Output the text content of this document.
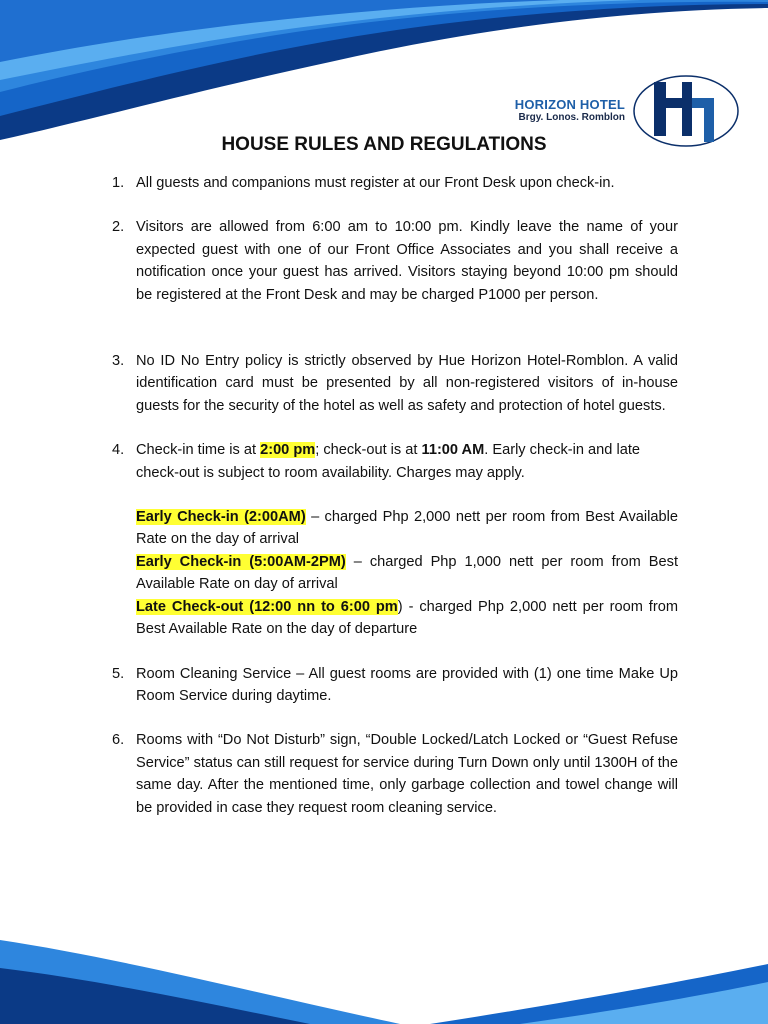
HORIZON HOTEL
Brgy. Lonos. Romblon
HOUSE RULES AND REGULATIONS
1. All guests and companions must register at our Front Desk upon check-in.

2. Visitors are allowed from 6:00 am to 10:00 pm. Kindly leave the name of your expected guest with one of our Front Office Associates and you shall receive a notification once your guest has arrived. Visitors staying beyond 10:00 pm should be registered at the Front Desk and may be charged P1000 per person.

3. No ID No Entry policy is strictly observed by Hue Horizon Hotel-Romblon. A valid identification card must be presented by all non-registered visitors of in-house guests for the security of the hotel as well as safety and protection of hotel guests.

4. Check-in time is at 2:00 pm; check-out is at 11:00 AM. Early check-in and late check-out is subject to room availability. Charges may apply.

Early Check-in (2:00AM) – charged Php 2,000 nett per room from Best Available Rate on the day of arrival

Early Check-in (5:00AM-2PM) – charged Php 1,000 nett per room from Best Available Rate on day of arrival

Late Check-out (12:00 nn to 6:00 pm) - charged Php 2,000 nett per room from Best Available Rate on the day of departure

5. Room Cleaning Service – All guest rooms are provided with (1) one time Make Up Room Service during daytime.

6. Rooms with “Do Not Disturb” sign, “Double Locked/Latch Locked or “Guest Refuse Service” status can still request for service during Turn Down only until 1300H of the same day. After the mentioned time, only garbage collection and towel change will be provided in case they request room cleaning service.
